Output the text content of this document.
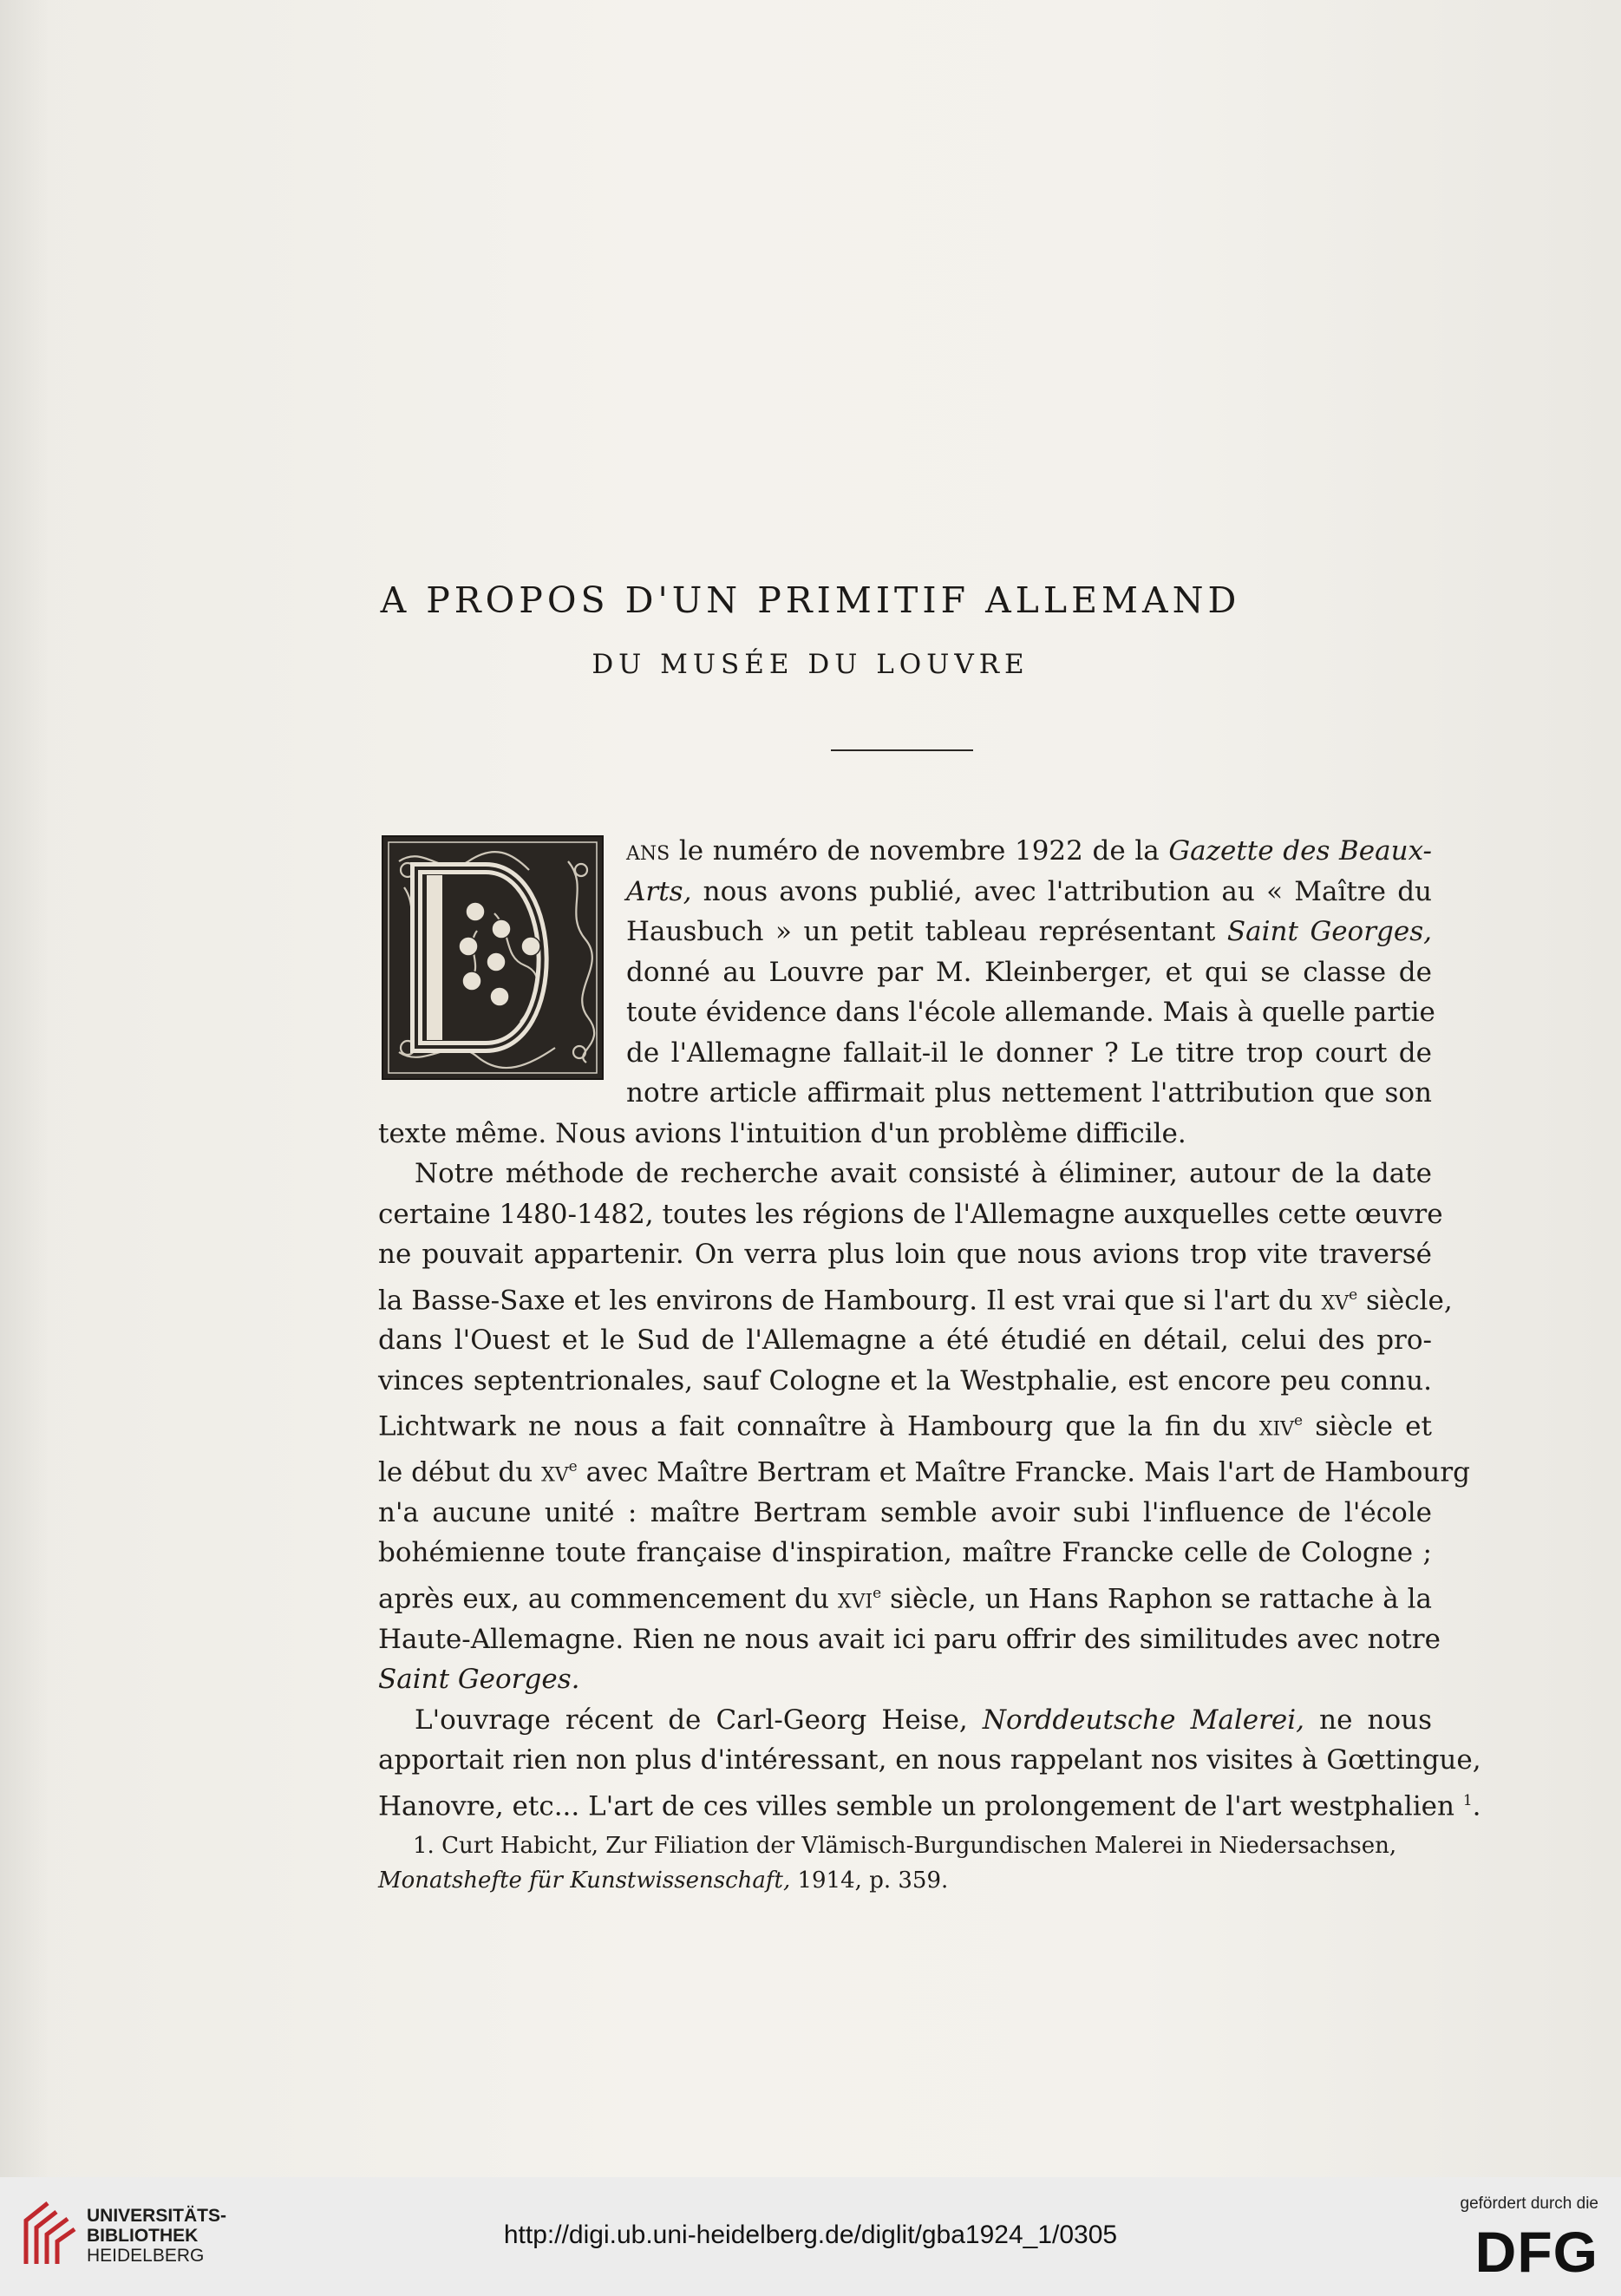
A PROPOS D'UN PRIMITIF ALLEMAND
DU MUSÉE DU LOUVRE
ans le numéro de novembre 1922 de la Gazette des Beaux-
Arts, nous avons publié, avec l'attribution au « Maître du
Hausbuch » un petit tableau représentant Saint Georges,
donné au Louvre par M. Kleinberger, et qui se classe de
toute évidence dans l'école allemande. Mais à quelle partie
de l'Allemagne fallait-il le donner ? Le titre trop court de
notre article affirmait plus nettement l'attribution que son
texte même. Nous avions l'intuition d'un problème difficile.
Notre méthode de recherche avait consisté à éliminer, autour de la date
certaine 1480-1482, toutes les régions de l'Allemagne auxquelles cette œuvre
ne pouvait appartenir. On verra plus loin que nous avions trop vite traversé
la Basse-Saxe et les environs de Hambourg. Il est vrai que si l'art du $xv^e$ siècle,
dans l'Ouest et le Sud de l'Allemagne a été étudié en détail, celui des pro-
vinces septentrionales, sauf Cologne et la Westphalie, est encore peu connu.
Lichtwark ne nous a fait connaître à Hambourg que la fin du xiv$^e$ siècle et
le début du $xv^e$ avec Maître Bertram et Maître Francke. Mais l'art de Hambourg
n'a aucune unité : maître Bertram semble avoir subi l'influence de l'école
bohémienne toute française d'inspiration, maître Francke celle de Cologne ;
après eux, au commencement du xvi$^e$ siècle, un Hans Raphon se rattache à la
Haute-Allemagne. Rien ne nous avait ici paru offrir des similitudes avec notre
Saint Georges.
L'ouvrage récent de Carl-Georg Heise, Norddeutsche Malerei, ne nous
apportait rien non plus d'intéressant, en nous rappelant nos visites à Gœttingue,
Hanovre, etc... L'art de ces villes semble un prolongement de l'art westphalien $^1$
1. Curt Habicht, Zur Filiation der Vlämisch-Burgundischen Malerei in Niedersachsen,
Monatshefte für Kunstwissenschaft, 1914, p. 359.
UNIVERSITÄTS-
BIBLIOTHEK
HEIDELBERG
http://digi.ub.uni-heidelberg.de/diglit/gba1924_1/0305
gefördert durch die
DFG
